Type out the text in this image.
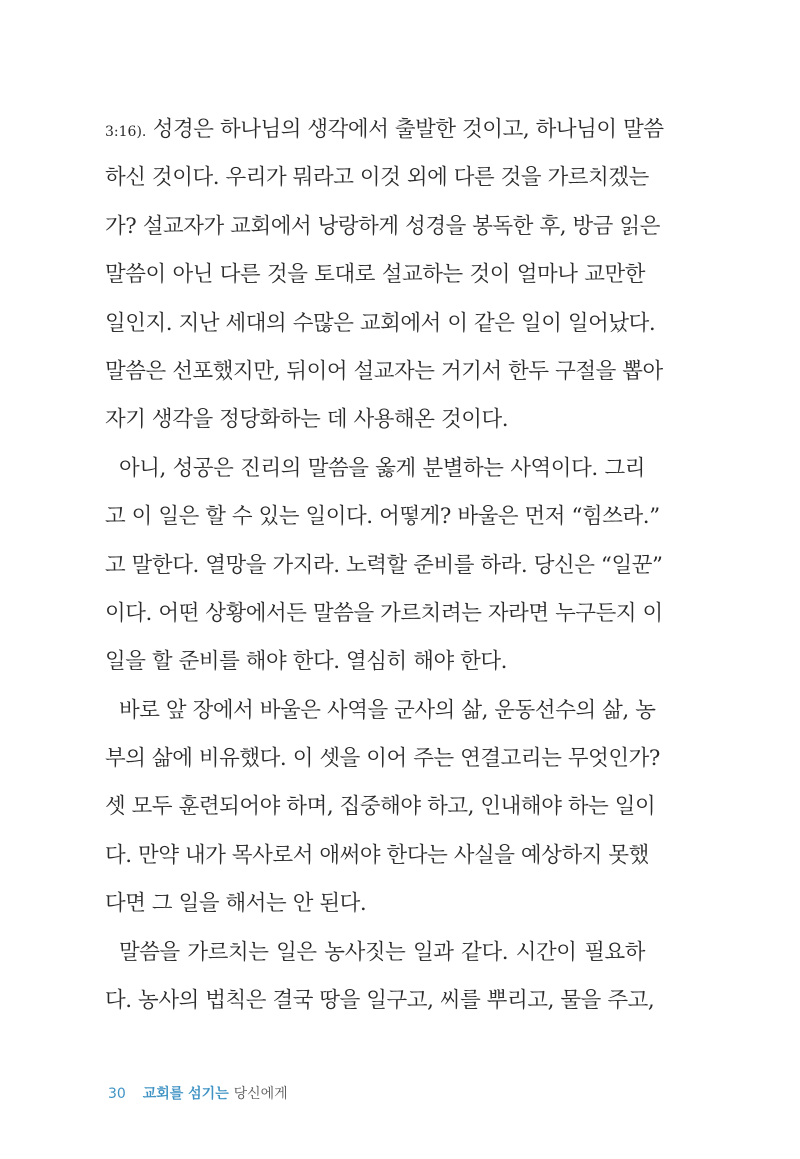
3:16). 성경은 하나님의 생각에서 출발한 것이고, 하나님이 말씀
하신 것이다. 우리가 뭐라고 이것 외에 다른 것을 가르치겠는
가? 설교자가 교회에서 낭랑하게 성경을 봉독한 후, 방금 읽은
말씀이 아닌 다른 것을 토대로 설교하는 것이 얼마나 교만한
일인지. 지난 세대의 수많은 교회에서 이 같은 일이 일어났다.
말씀은 선포했지만, 뒤이어 설교자는 거기서 한두 구절을 뽑아
자기 생각을 정당화하는 데 사용해온 것이다.
아니, 성공은 진리의 말씀을 옳게 분별하는 사역이다. 그리
고 이 일은 할 수 있는 일이다. 어떻게? 바울은 먼저 “힘쓰라.”
고 말한다. 열망을 가지라. 노력할 준비를 하라. 당신은 “일꾼”
이다. 어떤 상황에서든 말씀을 가르치려는 자라면 누구든지 이
일을 할 준비를 해야 한다. 열심히 해야 한다.
바로 앞 장에서 바울은 사역을 군사의 삶, 운동선수의 삶, 농
부의 삶에 비유했다. 이 셋을 이어 주는 연결고리는 무엇인가?
셋 모두 훈련되어야 하며, 집중해야 하고, 인내해야 하는 일이
다. 만약 내가 목사로서 애써야 한다는 사실을 예상하지 못했
다면 그 일을 해서는 안 된다.
말씀을 가르치는 일은 농사짓는 일과 같다. 시간이 필요하
다. 농사의 법칙은 결국 땅을 일구고, 씨를 뿌리고, 물을 주고,
30 교회를 섬기는 당신에게
